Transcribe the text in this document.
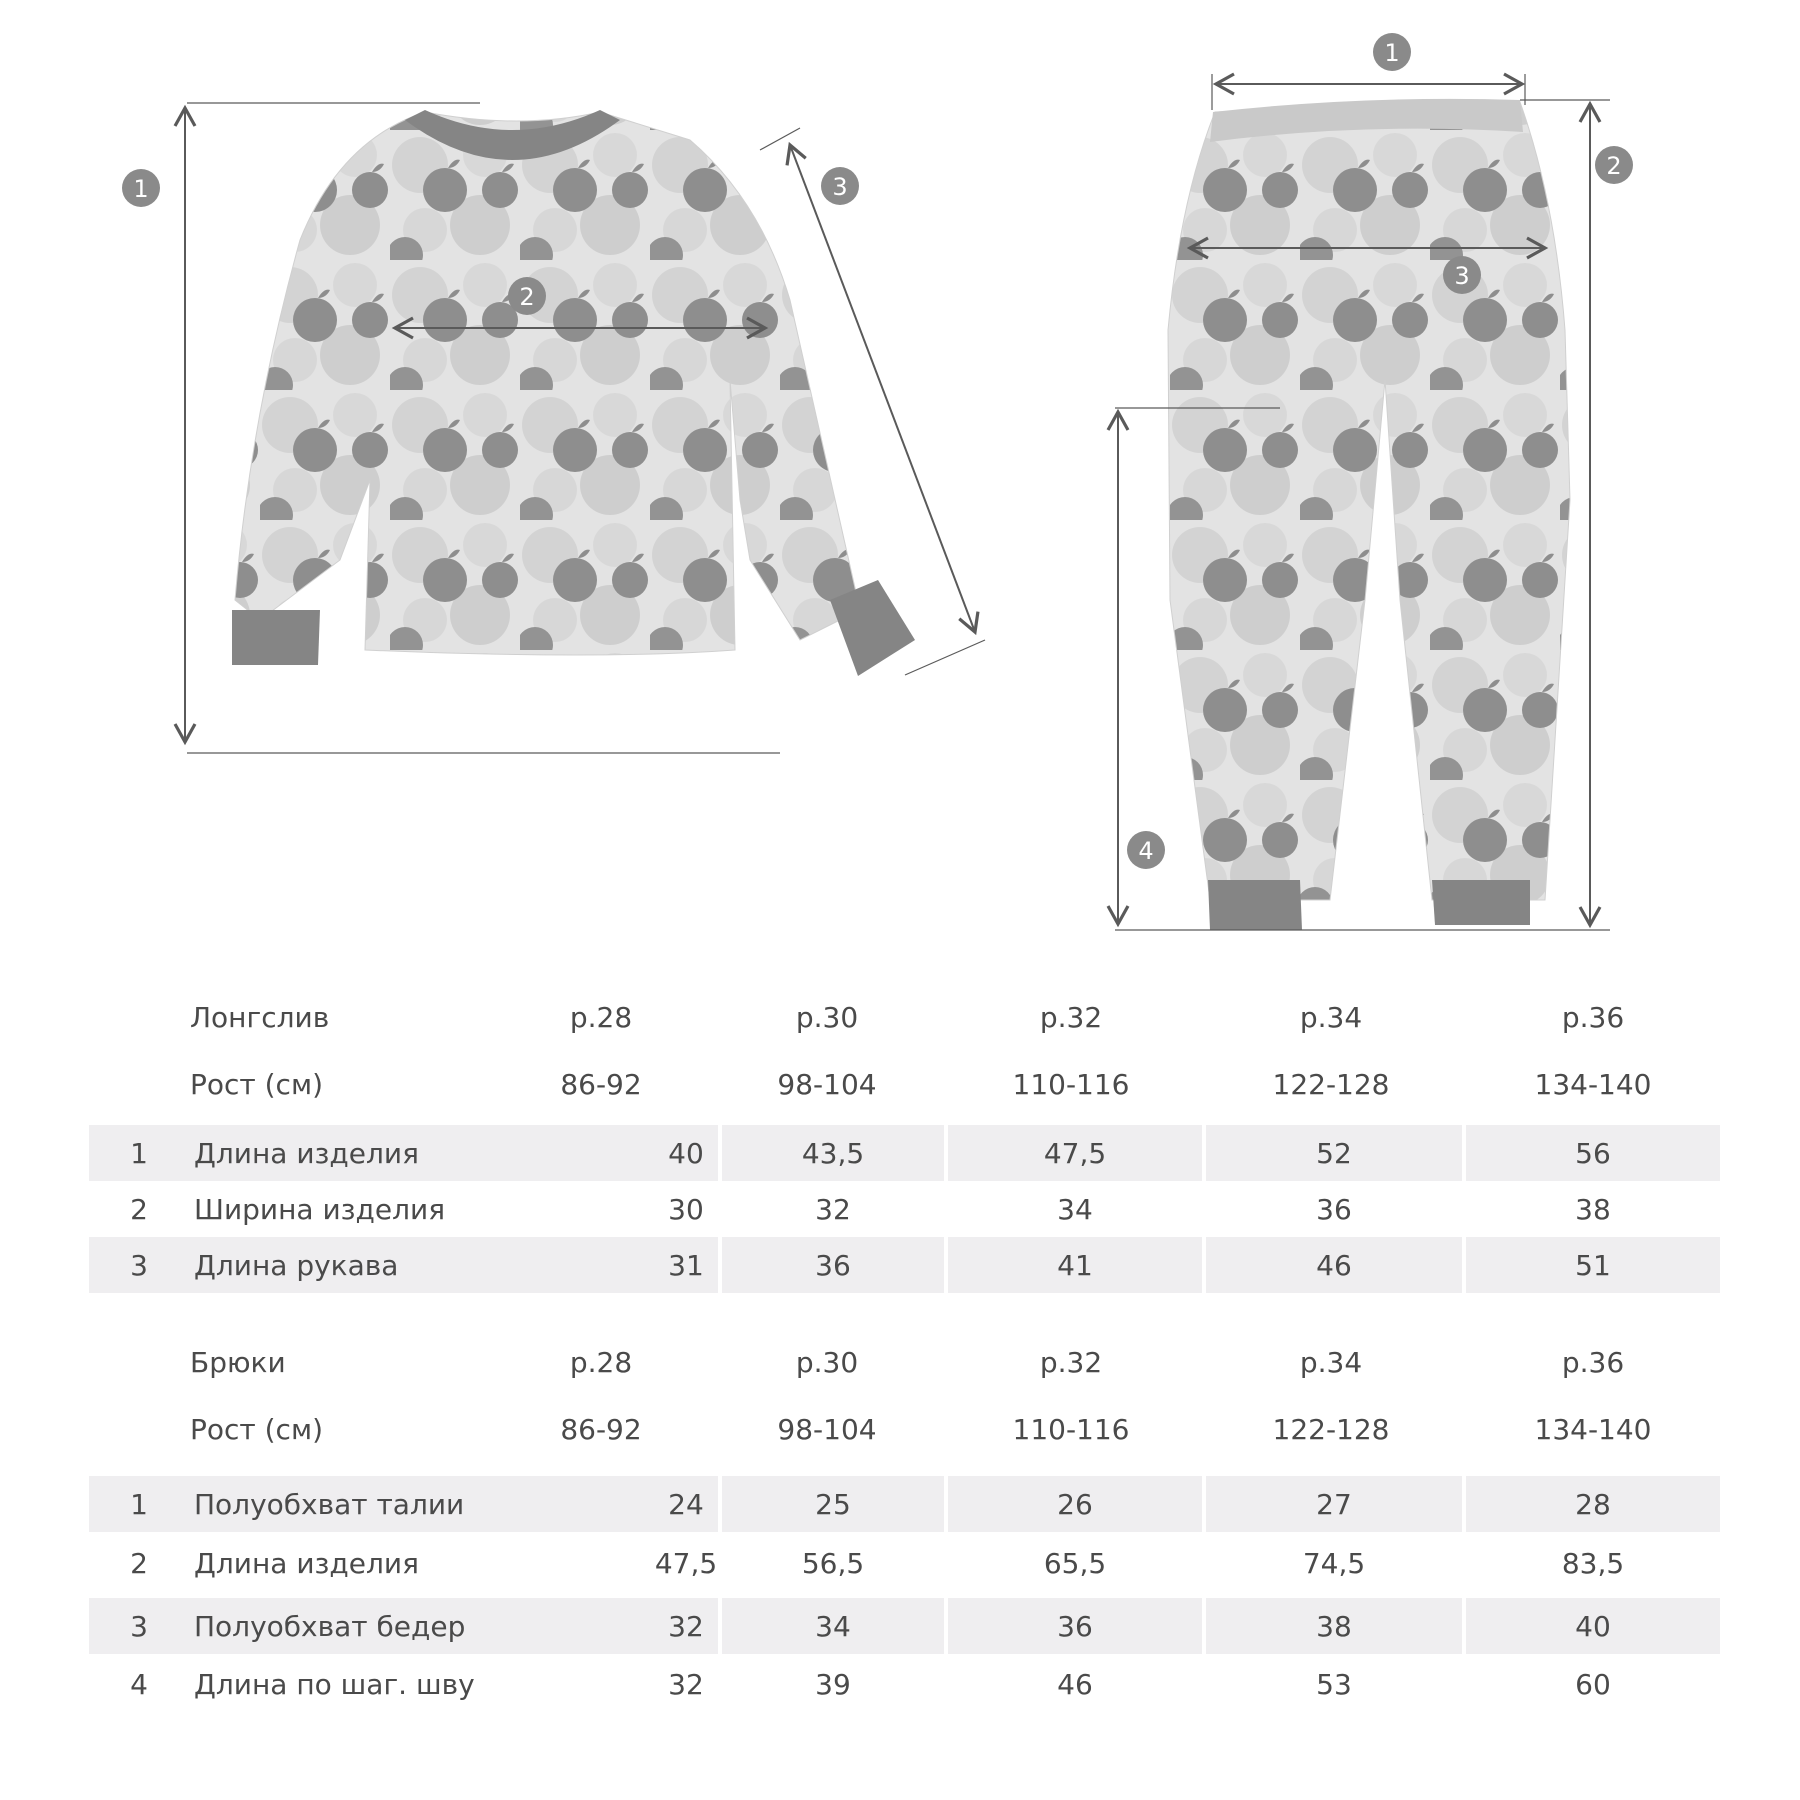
1
2
3
1
2
3
4
Лонгслив	р.28	р.30	р.32	р.34	р.36
Рост (см)	86-92	98-104	110-116	122-128	134-140
1	Длина изделия	40	43,5	47,5	52	56
2	Ширина изделия	30	32	34	36	38
3	Длина рукава	31	36	41	46	51
Брюки	р.28	р.30	р.32	р.34	р.36
Рост (см)	86-92	98-104	110-116	122-128	134-140
1	Полуобхват талии	24	25	26	27	28
2	Длина изделия	47,5	56,5	65,5	74,5	83,5
3	Полуобхват бедер	32	34	36	38	40
4	Длина по шаг. шву	32	39	46	53	60
